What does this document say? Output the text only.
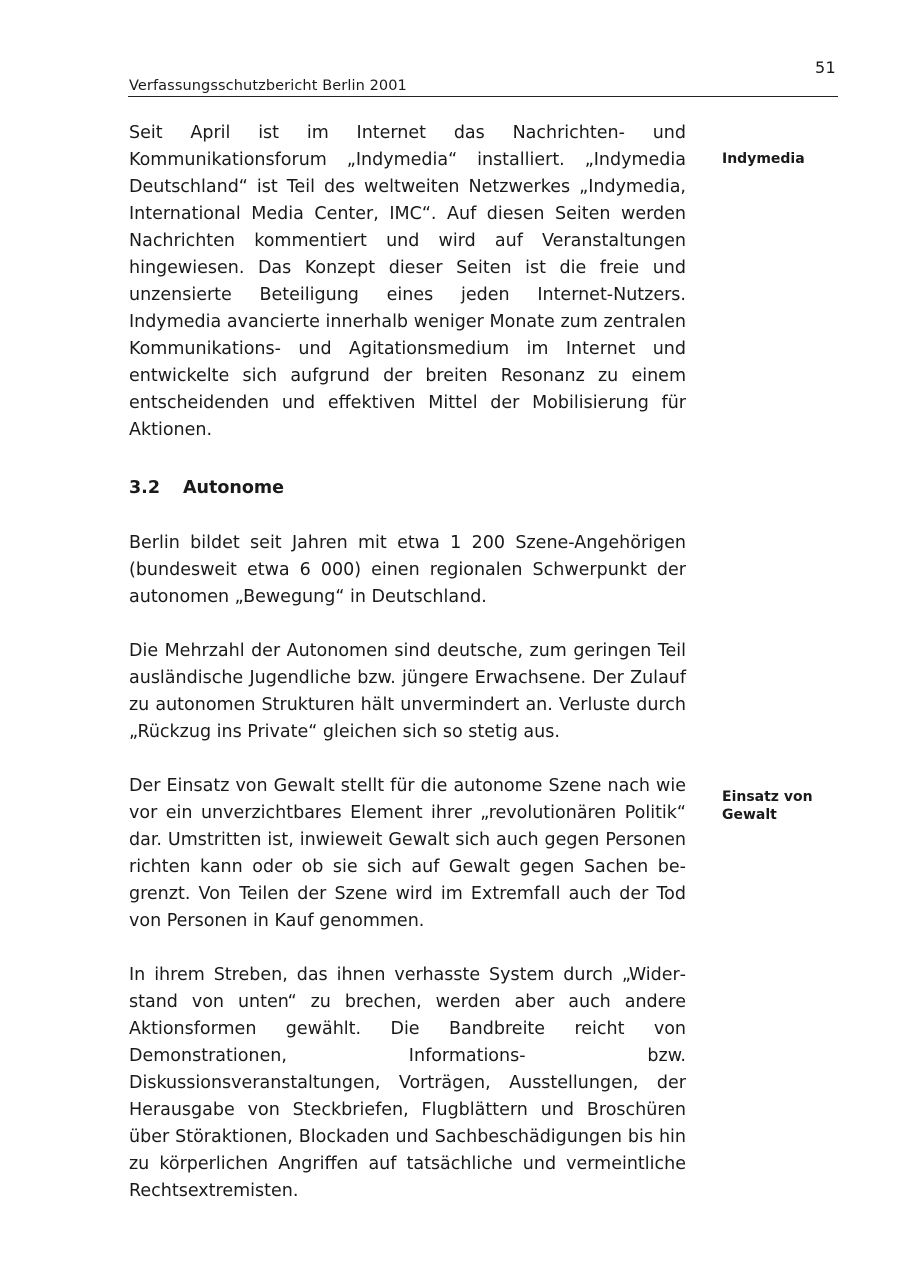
51
Verfassungsschutzbericht Berlin 2001

Seit April ist im Internet das Nachrichten- und Kommunikationsforum „Indymedia“ installiert. „Indymedia Deutschland“ ist Teil des weltweiten Netzwerkes „Indymedia, International Media Center, IMC“. Auf diesen Seiten werden Nachrichten kommentiert und wird auf Veranstaltungen hingewiesen. Das Konzept dieser Seiten ist die freie und unzensierte Beteiligung eines jeden Internet-Nutzers. Indymedia avancierte innerhalb weniger Monate zum zentralen Kommunikations- und Agitationsmedium im Internet und entwickelte sich aufgrund der breiten Resonanz zu einem entscheidenden und effektiven Mittel der Mobilisierung für Aktionen.

Indymedia
3.2 Autonome

Berlin bildet seit Jahren mit etwa 1 200 Szene-Angehörigen (bundesweit etwa 6 000) einen regionalen Schwerpunkt der autonomen „Bewegung“ in Deutschland.

Die Mehrzahl der Autonomen sind deutsche, zum geringen Teil ausländische Jugendliche bzw. jüngere Erwachsene. Der Zulauf zu autonomen Strukturen hält unvermindert an. Verluste durch „Rückzug ins Private“ gleichen sich so stetig aus.

Der Einsatz von Gewalt stellt für die autonome Szene nach wie vor ein unverzichtbares Element ihrer „revolutionären Politik“ dar. Umstritten ist, inwieweit Gewalt sich auch gegen Personen richten kann oder ob sie sich auf Gewalt gegen Sachen begrenzt. Von Teilen der Szene wird im Extremfall auch der Tod von Personen in Kauf genommen.

In ihrem Streben, das ihnen verhasste System durch „Widerstand von unten“ zu brechen, werden aber auch andere Aktionsformen gewählt. Die Bandbreite reicht von Demonstrationen, Informations- bzw. Diskussionsveranstaltungen, Vorträgen, Ausstellungen, der Herausgabe von Steckbriefen, Flugblättern und Broschüren über Störaktionen, Blockaden und Sachbeschädigungen bis hin zu körperlichen Angriffen auf tatsächliche und vermeintliche Rechtsextremisten.

Einsatz von
Gewalt
